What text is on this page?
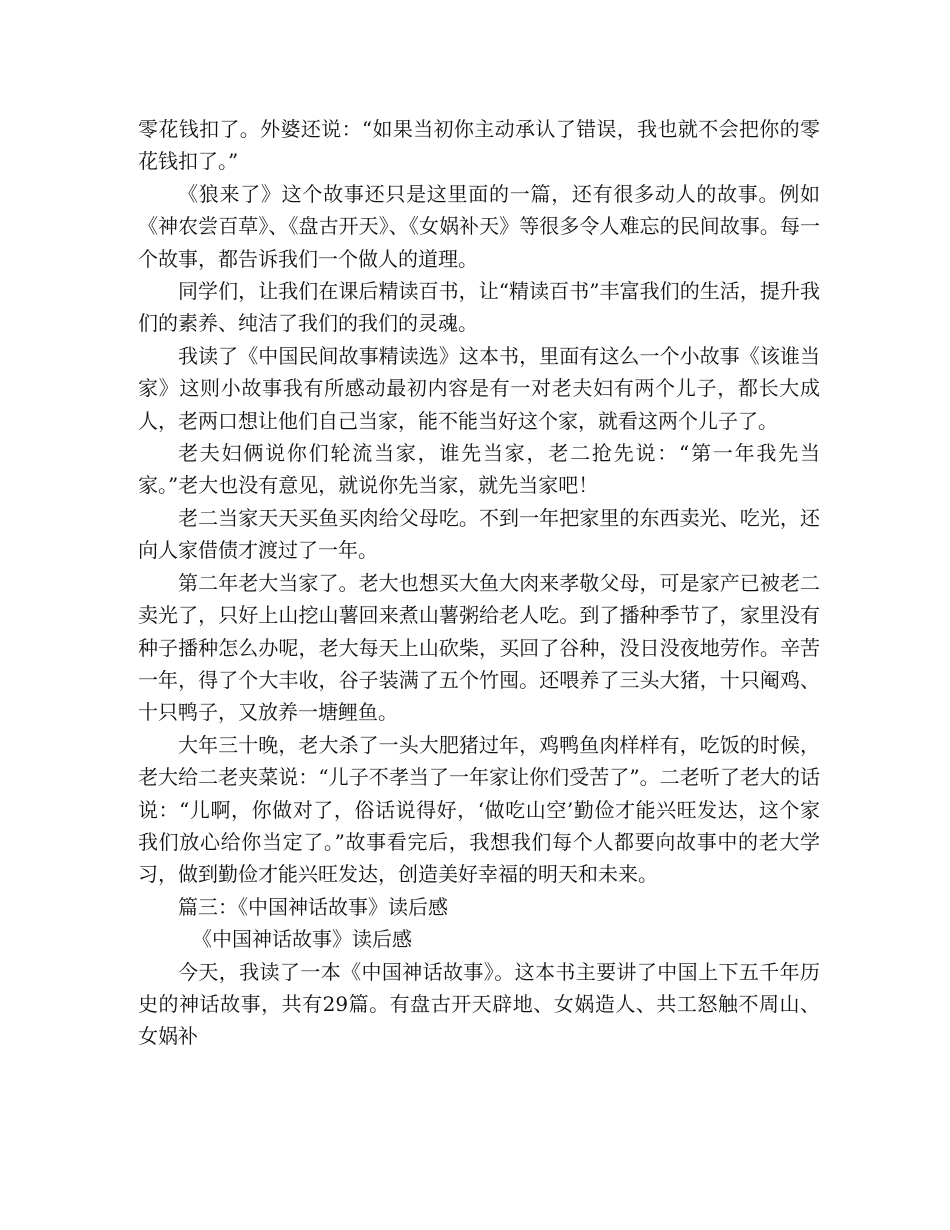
零花钱扣了。外婆还说：“如果当初你主动承认了错误，我也就不会把你的零花钱扣了。”

《狼来了》这个故事还只是这里面的一篇，还有很多动人的故事。例如《神农尝百草》、《盘古开天》、《女娲补天》等很多令人难忘的民间故事。每一个故事，都告诉我们一个做人的道理。

同学们，让我们在课后精读百书，让“精读百书”丰富我们的生活，提升我们的素养、纯洁了我们的我们的灵魂。

我读了《中国民间故事精读选》这本书，里面有这么一个小故事《该谁当家》这则小故事我有所感动最初内容是有一对老夫妇有两个儿子，都长大成人，老两口想让他们自己当家，能不能当好这个家，就看这两个儿子了。

老夫妇俩说你们轮流当家，谁先当家，老二抢先说：“第一年我先当家。”老大也没有意见，就说你先当家，就先当家吧！

老二当家天天买鱼买肉给父母吃。不到一年把家里的东西卖光、吃光，还向人家借债才渡过了一年。

第二年老大当家了。老大也想买大鱼大肉来孝敬父母，可是家产已被老二卖光了，只好上山挖山薯回来煮山薯粥给老人吃。到了播种季节了，家里没有种子播种怎么办呢，老大每天上山砍柴，买回了谷种，没日没夜地劳作。辛苦一年，得了个大丰收，谷子装满了五个竹囤。还喂养了三头大猪，十只阉鸡、十只鸭子，又放养一塘鲤鱼。

大年三十晚，老大杀了一头大肥猪过年，鸡鸭鱼肉样样有，吃饭的时候，老大给二老夹菜说：“儿子不孝当了一年家让你们受苦了”。二老听了老大的话说：“儿啊，你做对了，俗话说得好，‘做吃山空’勤俭才能兴旺发达，这个家我们放心给你当定了。”故事看完后，我想我们每个人都要向故事中的老大学习，做到勤俭才能兴旺发达，创造美好幸福的明天和未来。

篇三：《中国神话故事》读后感

《中国神话故事》读后感

今天，我读了一本《中国神话故事》。这本书主要讲了中国上下五千年历史的神话故事，共有29篇。有盘古开天辟地、女娲造人、共工怒触不周山、女娲补
